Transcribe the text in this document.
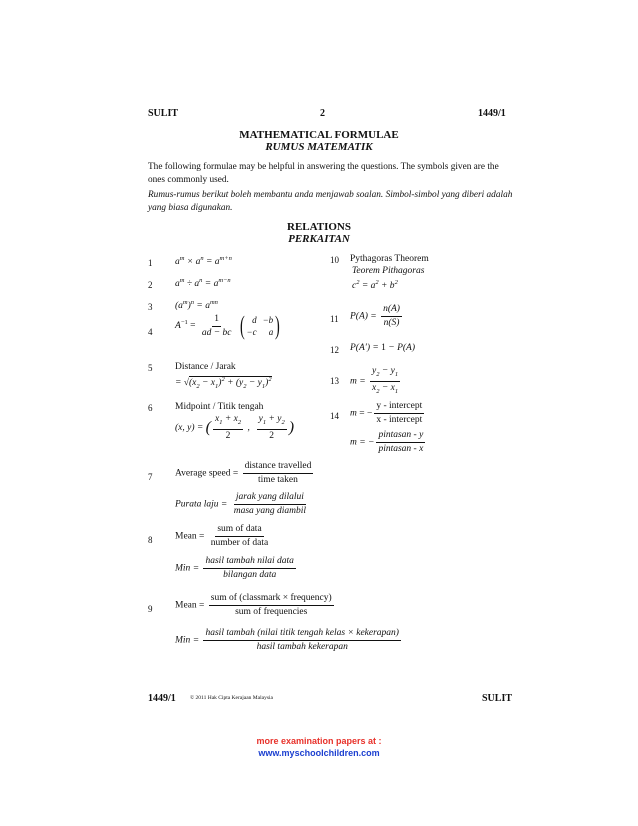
SULIT	2	1449/1
MATHEMATICAL FORMULAE
RUMUS MATEMATIK
The following formulae may be helpful in answering the questions. The symbols given are the ones commonly used.
Rumus-rumus berikut boleh membantu anda menjawab soalan. Simbol-simbol yang diberi adalah yang biasa digunakan.
RELATIONS
PERKAITAN
1	$a^m \times a^n = a^{m+n}$
2	$a^m \div a^n = a^{m-n}$
3	$(a^m)^n = a^{mn}$
4
$A^{-1} = \frac{1}{ad - bc}$
( d −b
−c	a )
5	Distance / Jarak
= $√(x_2 - x_1)^2 + (y_2 - y_1)^2$
6	Midpoint / Titik tengah
(x, y) = ( $\frac{x_1 + x_2}{2}$ , $\frac{y_1 + y_2}{2}$ )
7	Average speed = $\frac{\text{distance travelled}}{\text{time taken}}$
Purata laju = $\frac{\text{jarak yang dilalui}}{\text{masa yang diambil}}$
8	Mean = $\frac{\text{sum of data}}{\text{number of data}}$
Min = $\frac{\text{hasil tambah nilai data}}{\text{bilangan data}}$
9	Mean = $\frac{\text{sum of (classmark × frequency)}}{\text{sum of frequencies}}$
Min = $\frac{\text{hasil tambah (nilai titik tengah kelas × kekerapan)}}{\text{hasil tambah kekerapan}}$
10	Pythagoras Theorem
Teorem Pithagoras
$c^2 = a^2 + b^2$
11	$P(A) = \frac{n(A)}{n(S)}$
12	P(A′) = 1 − P(A)
13	$m = \frac{y_2 - y_1}{x_2 - x_1}$
14	m = − $\frac{\text{y - intercept}}{\text{x - intercept}}$
m = − $\frac{\text{pintasan - y}}{\text{pintasan - x}}$
1449/1	© 2011 Hak Cipta Kerajaan Malaysia	SULIT
more examination papers at :
www.myschoolchildren.com
